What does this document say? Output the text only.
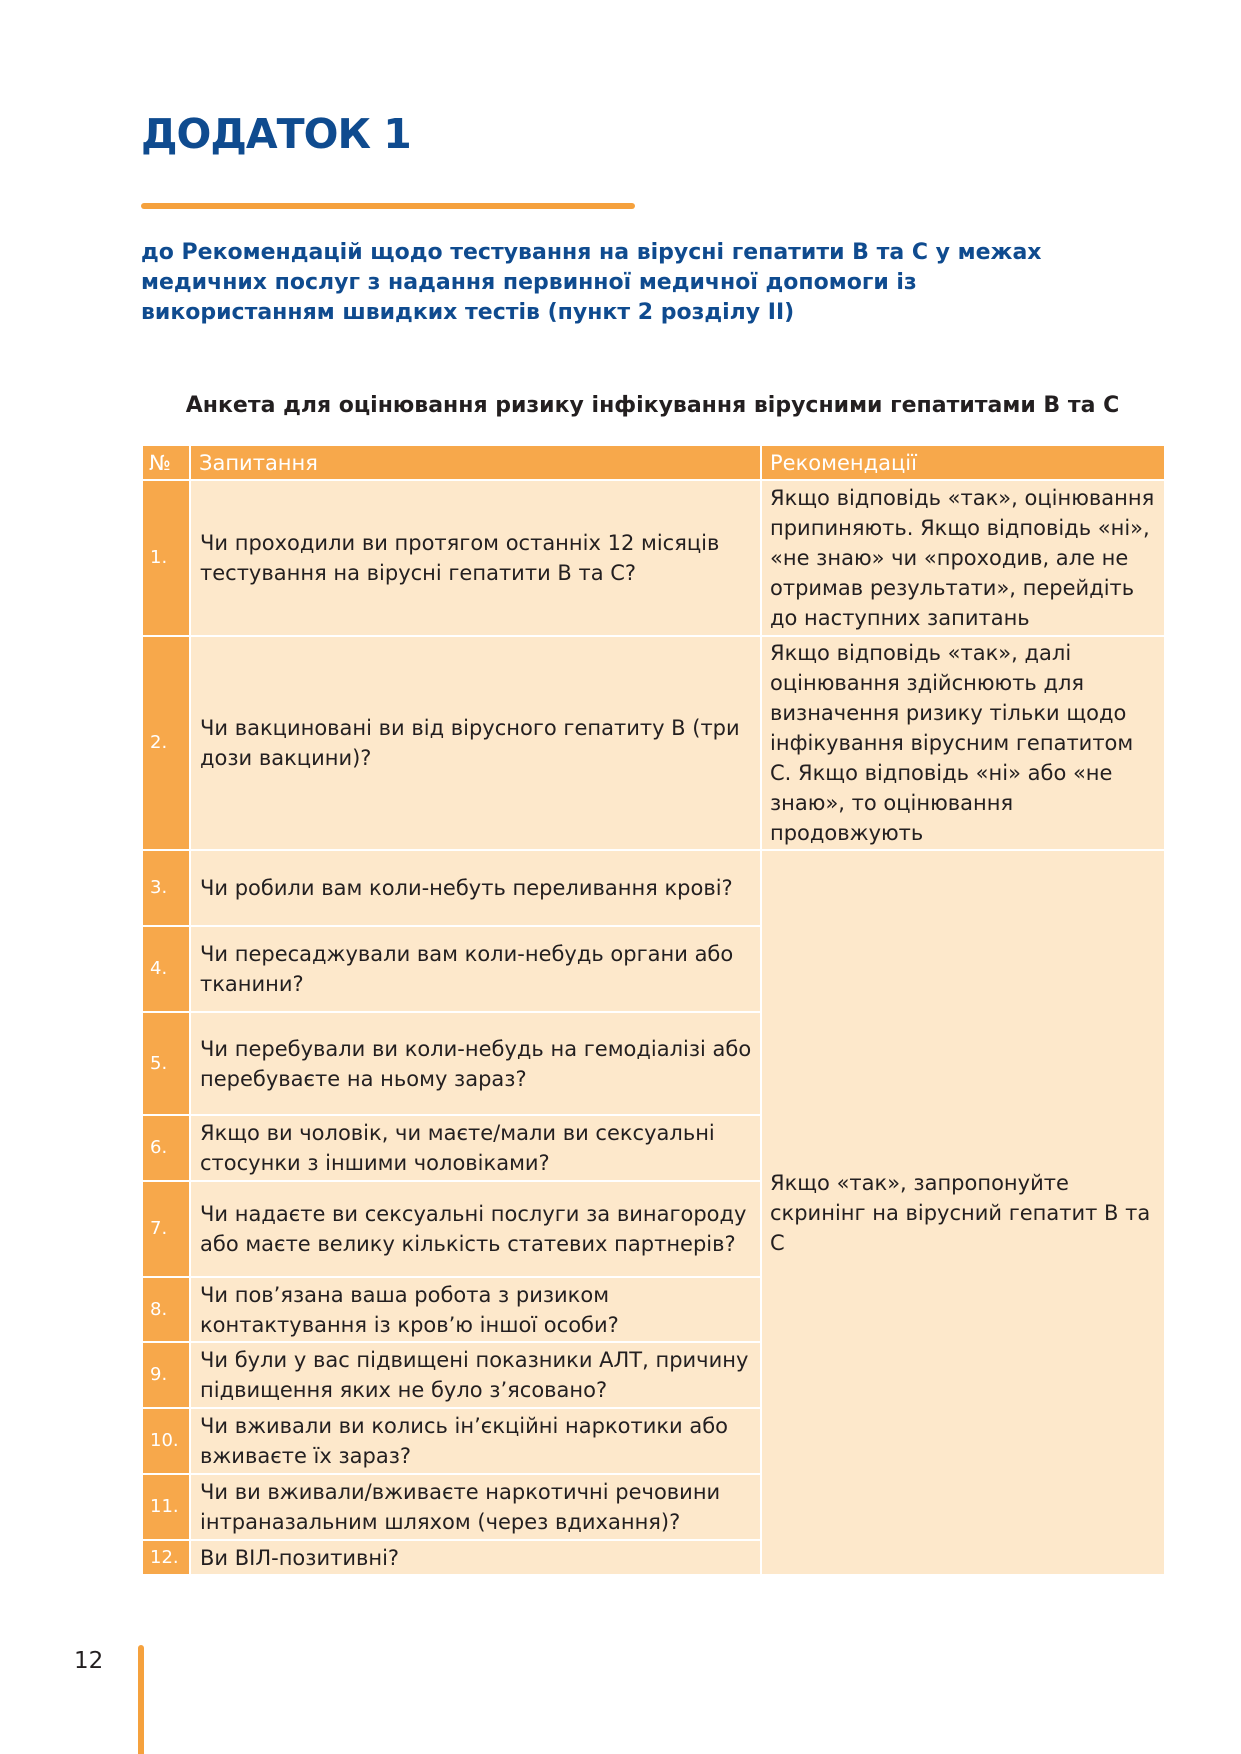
ДОДАТОК 1

до Рекомендацій щодо тестування на вірусні гепатити В та С у межах медичних послуг з надання первинної медичної допомоги із використанням швидких тестів (пункт 2 розділу II)

Анкета для оцінювання ризику інфікування вірусними гепатитами В та С

№	Запитання	Рекомендації
1.	Чи проходили ви протягом останніх 12 місяців тестування на вірусні гепатити В та С?	Якщо відповідь «так», оцінювання припиняють. Якщо відповідь «ні», «не знаю» чи «проходив, але не отримав результати», перейдіть до наступних запитань
2.	Чи вакциновані ви від вірусного гепатиту В (три дози вакцини)?	Якщо відповідь «так», далі оцінювання здійснюють для визначення ризику тільки щодо інфікування вірусним гепатитом С. Якщо відповідь «ні» або «не знаю», то оцінювання продовжують
3.	Чи робили вам коли-небуть переливання крові?	Якщо «так», запропонуйте скринінг на вірусний гепатит В та С
4.	Чи пересаджували вам коли-небудь органи або тканини?	
5.	Чи перебували ви коли-небудь на гемодіалізі або перебуваєте на ньому зараз?	
6.	Якщо ви чоловік, чи маєте/мали ви сексуальні стосунки з іншими чоловіками?	
7.	Чи надаєте ви сексуальні послуги за винагороду або маєте велику кількість статевих партнерів?	
8.	Чи пов’язана ваша робота з ризиком контактування із кров’ю іншої особи?	
9.	Чи були у вас підвищені показники АЛТ, причину підвищення яких не було з’ясовано?	
10.	Чи вживали ви колись ін’єкційні наркотики або вживаєте їх зараз?	
11.	Чи ви вживали/вживаєте наркотичні речовини інтраназальним шляхом (через вдихання)?	
12.	Ви ВІЛ-позитивні?	
12
